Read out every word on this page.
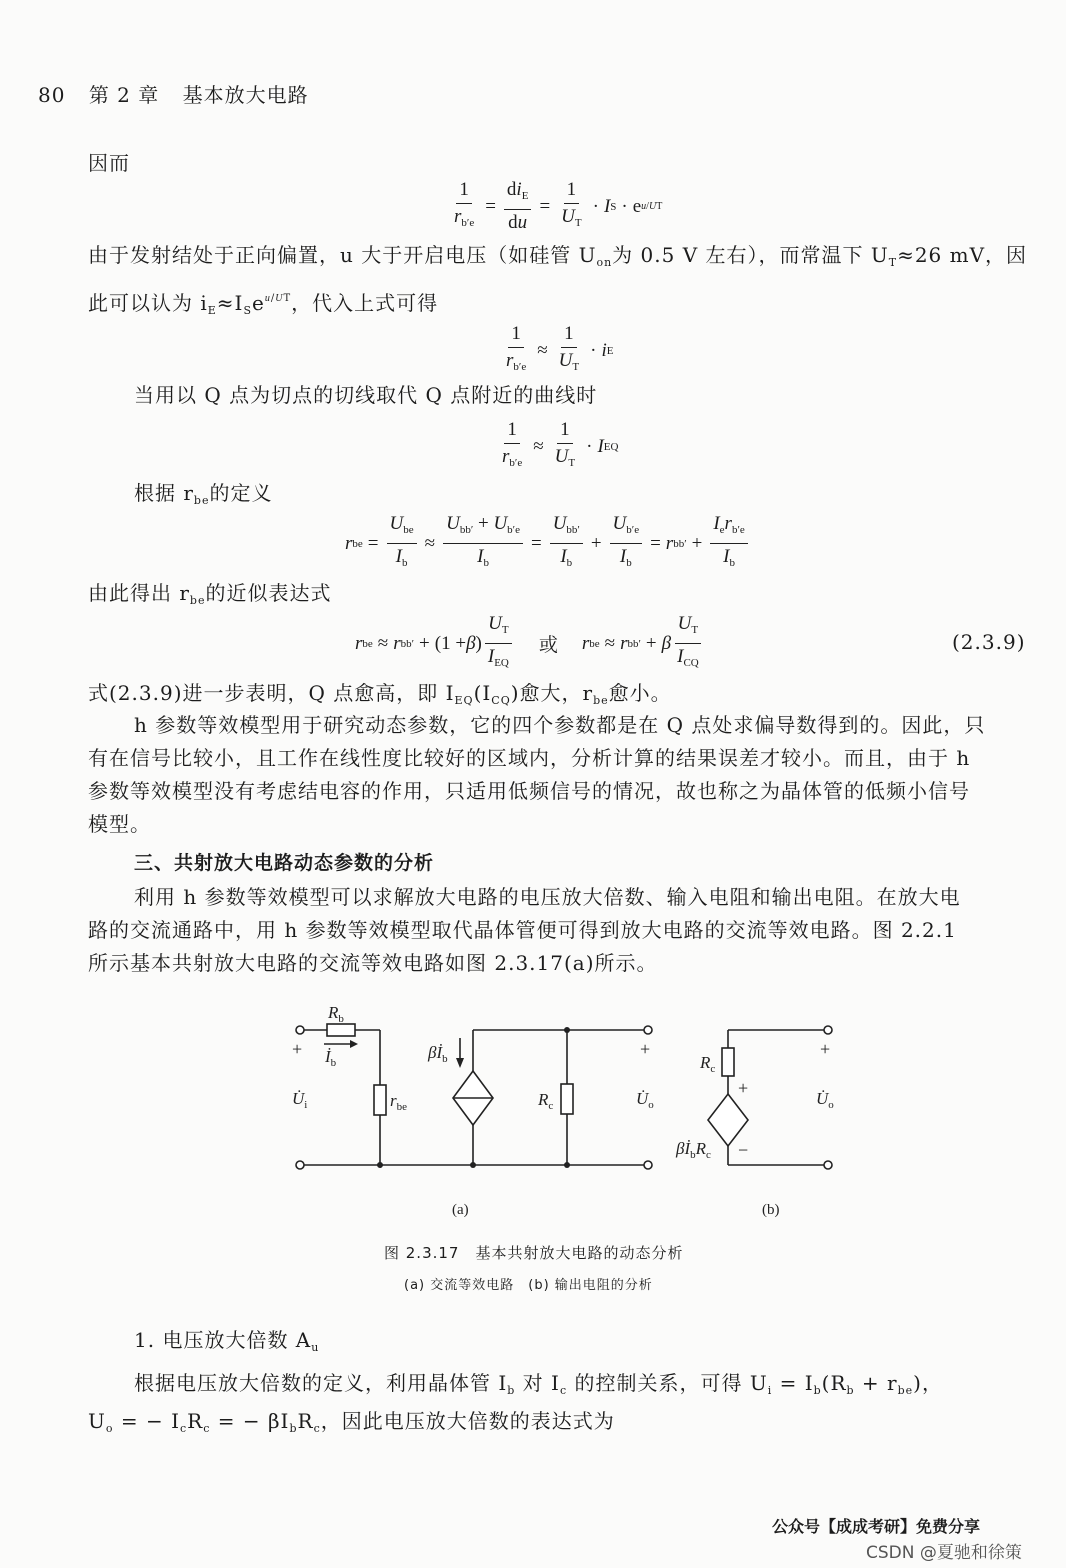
80 第 2 章 基本放大电路
因而
$\frac{1}{r_{b'e}}$ =
$di_E$
du
= $\frac{1}{U_T} \cdot I$ S · e u/UT
由于发射结处于正向偏置，u 大于开启电压（如硅管 $U_{on}$为 0.5 V 左右），而常温下 $U_T\approx 26$ mV，因
此可以认为 $i_E\approx I_Se^{u/UT}$，代入上式可得
$\frac{1}{r_{b'e}} \approx \frac{1}{U_T} \cdot i$ E
当用以 Q 点为切点的切线取代 Q 点附近的曲线时
$\frac{1}{r_{b'e}} \approx \frac{1}{U_T} \cdot I$ EQ
根据 $r_{be}$的定义
r be =
$U_{be}$
$I_b$
≈
$U_{bb'} + U_{b'e}$
$I_b$
=
$U_{bb'}$
$I_b$
+ $\frac{U_{b'e}}{I_b} = r$ bb′ +
$I_er_{b'e}$
$I_b$
由此得出 $r_{be}$的近似表达式
r be ≈ r bb′ + (1 + β )
$U_T$
$I_{EQ}$
或 r be ≈ r bb′ + β
$U_T$
$I_{CQ}$
(2.3.9)
式(2.3.9)进一步表明，Q 点愈高，即 $I_{EQ}(I_{CQ})$愈大，$r_{be}$愈小。
h 参数等效模型用于研究动态参数，它的四个参数都是在 Q 点处求偏导数得到的。因此，只
有在信号比较小，且工作在线性度比较好的区域内，分析计算的结果误差才较小。而且，由于 h
参数等效模型没有考虑结电容的作用，只适用低频信号的情况，故也称之为晶体管的低频小信号
模型。
三、共射放大电路动态参数的分析
利用 h 参数等效模型可以求解放大电路的电压放大倍数、输入电阻和输出电阻。在放大电
路的交流通路中，用 h 参数等效模型取代晶体管便可得到放大电路的交流等效电路。图 2.2.1
所示基本共射放大电路的交流等效电路如图 2.3.17(a)所示。
$R_b$
$İ_b$
+
$U̇_i$	$r_{be}$
$\beta İ_b$
$R_c$
+
$U̇_o$
$R_c$
+
−
$\beta İ_bR_c$
+
$U̇_o$
(a)	(b)
图 2.3.17　基本共射放大电路的动态分析
(a) 交流等效电路　(b) 输出电阻的分析
1. 电压放大倍数 $A_u$
根据电压放大倍数的定义，利用晶体管 $I_b$ 对 $I_c$ 的控制关系，可得 $U_i = I_b(R_b + r_{be})$，
$U_o$ = − $I_cR_c$ = − $\beta I_bR_c$，因此电压放大倍数的表达式为
公众号【成成考研】免费分享
CSDN @夏驰和徐策
